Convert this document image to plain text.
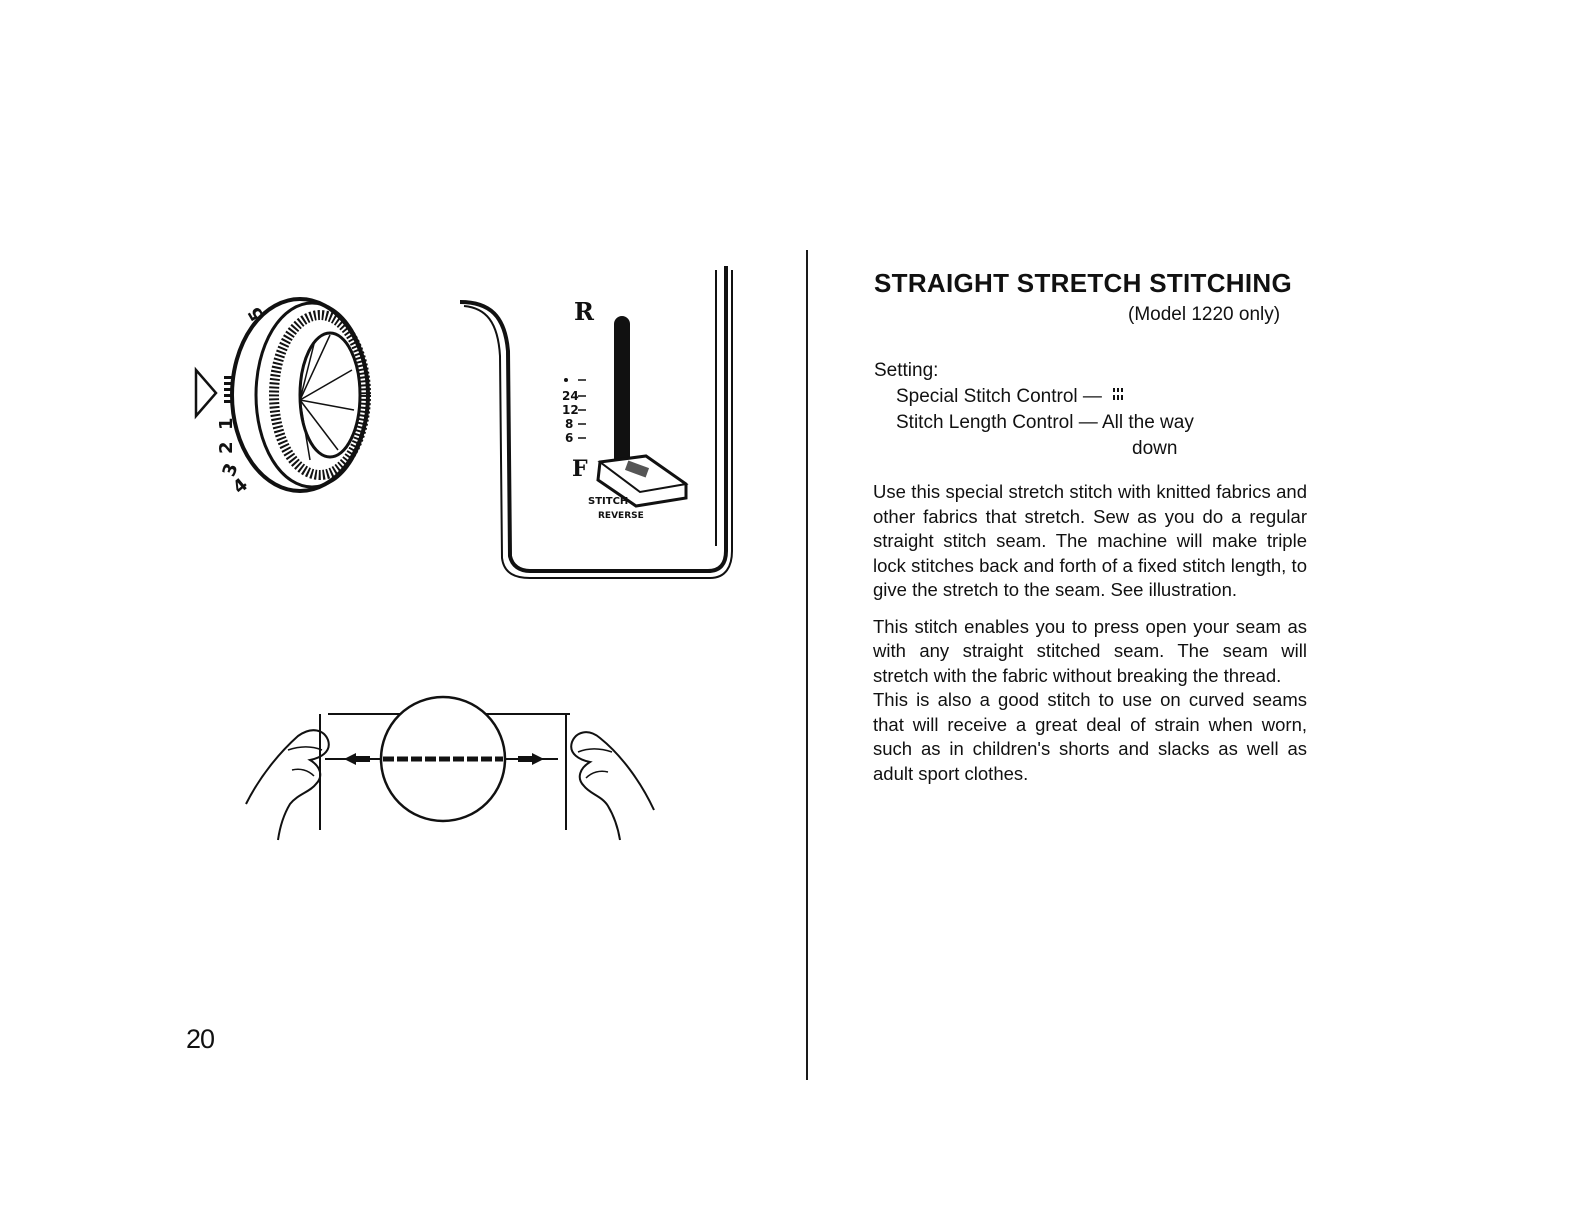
1
2
3
4
5	R
F
24
12
8
6
STITCH
REVERSE
20
STRAIGHT STRETCH STITCHING
(Model 1220 only)
Setting:
Special Stitch Control —
Stitch Length Control — All the way
down

Use this special stretch stitch with knitted fabrics and other fabrics that stretch. Sew as you do a regular straight stitch seam. The machine will make triple lock stitches back and forth of a fixed stitch length, to give the stretch to the seam. See illustration.

This stitch enables you to press open your seam as with any straight stitched seam. The seam will stretch with the fabric without breaking the thread.

This is also a good stitch to use on curved seams that will receive a great deal of strain when worn, such as in children's shorts and slacks as well as adult sport clothes.
